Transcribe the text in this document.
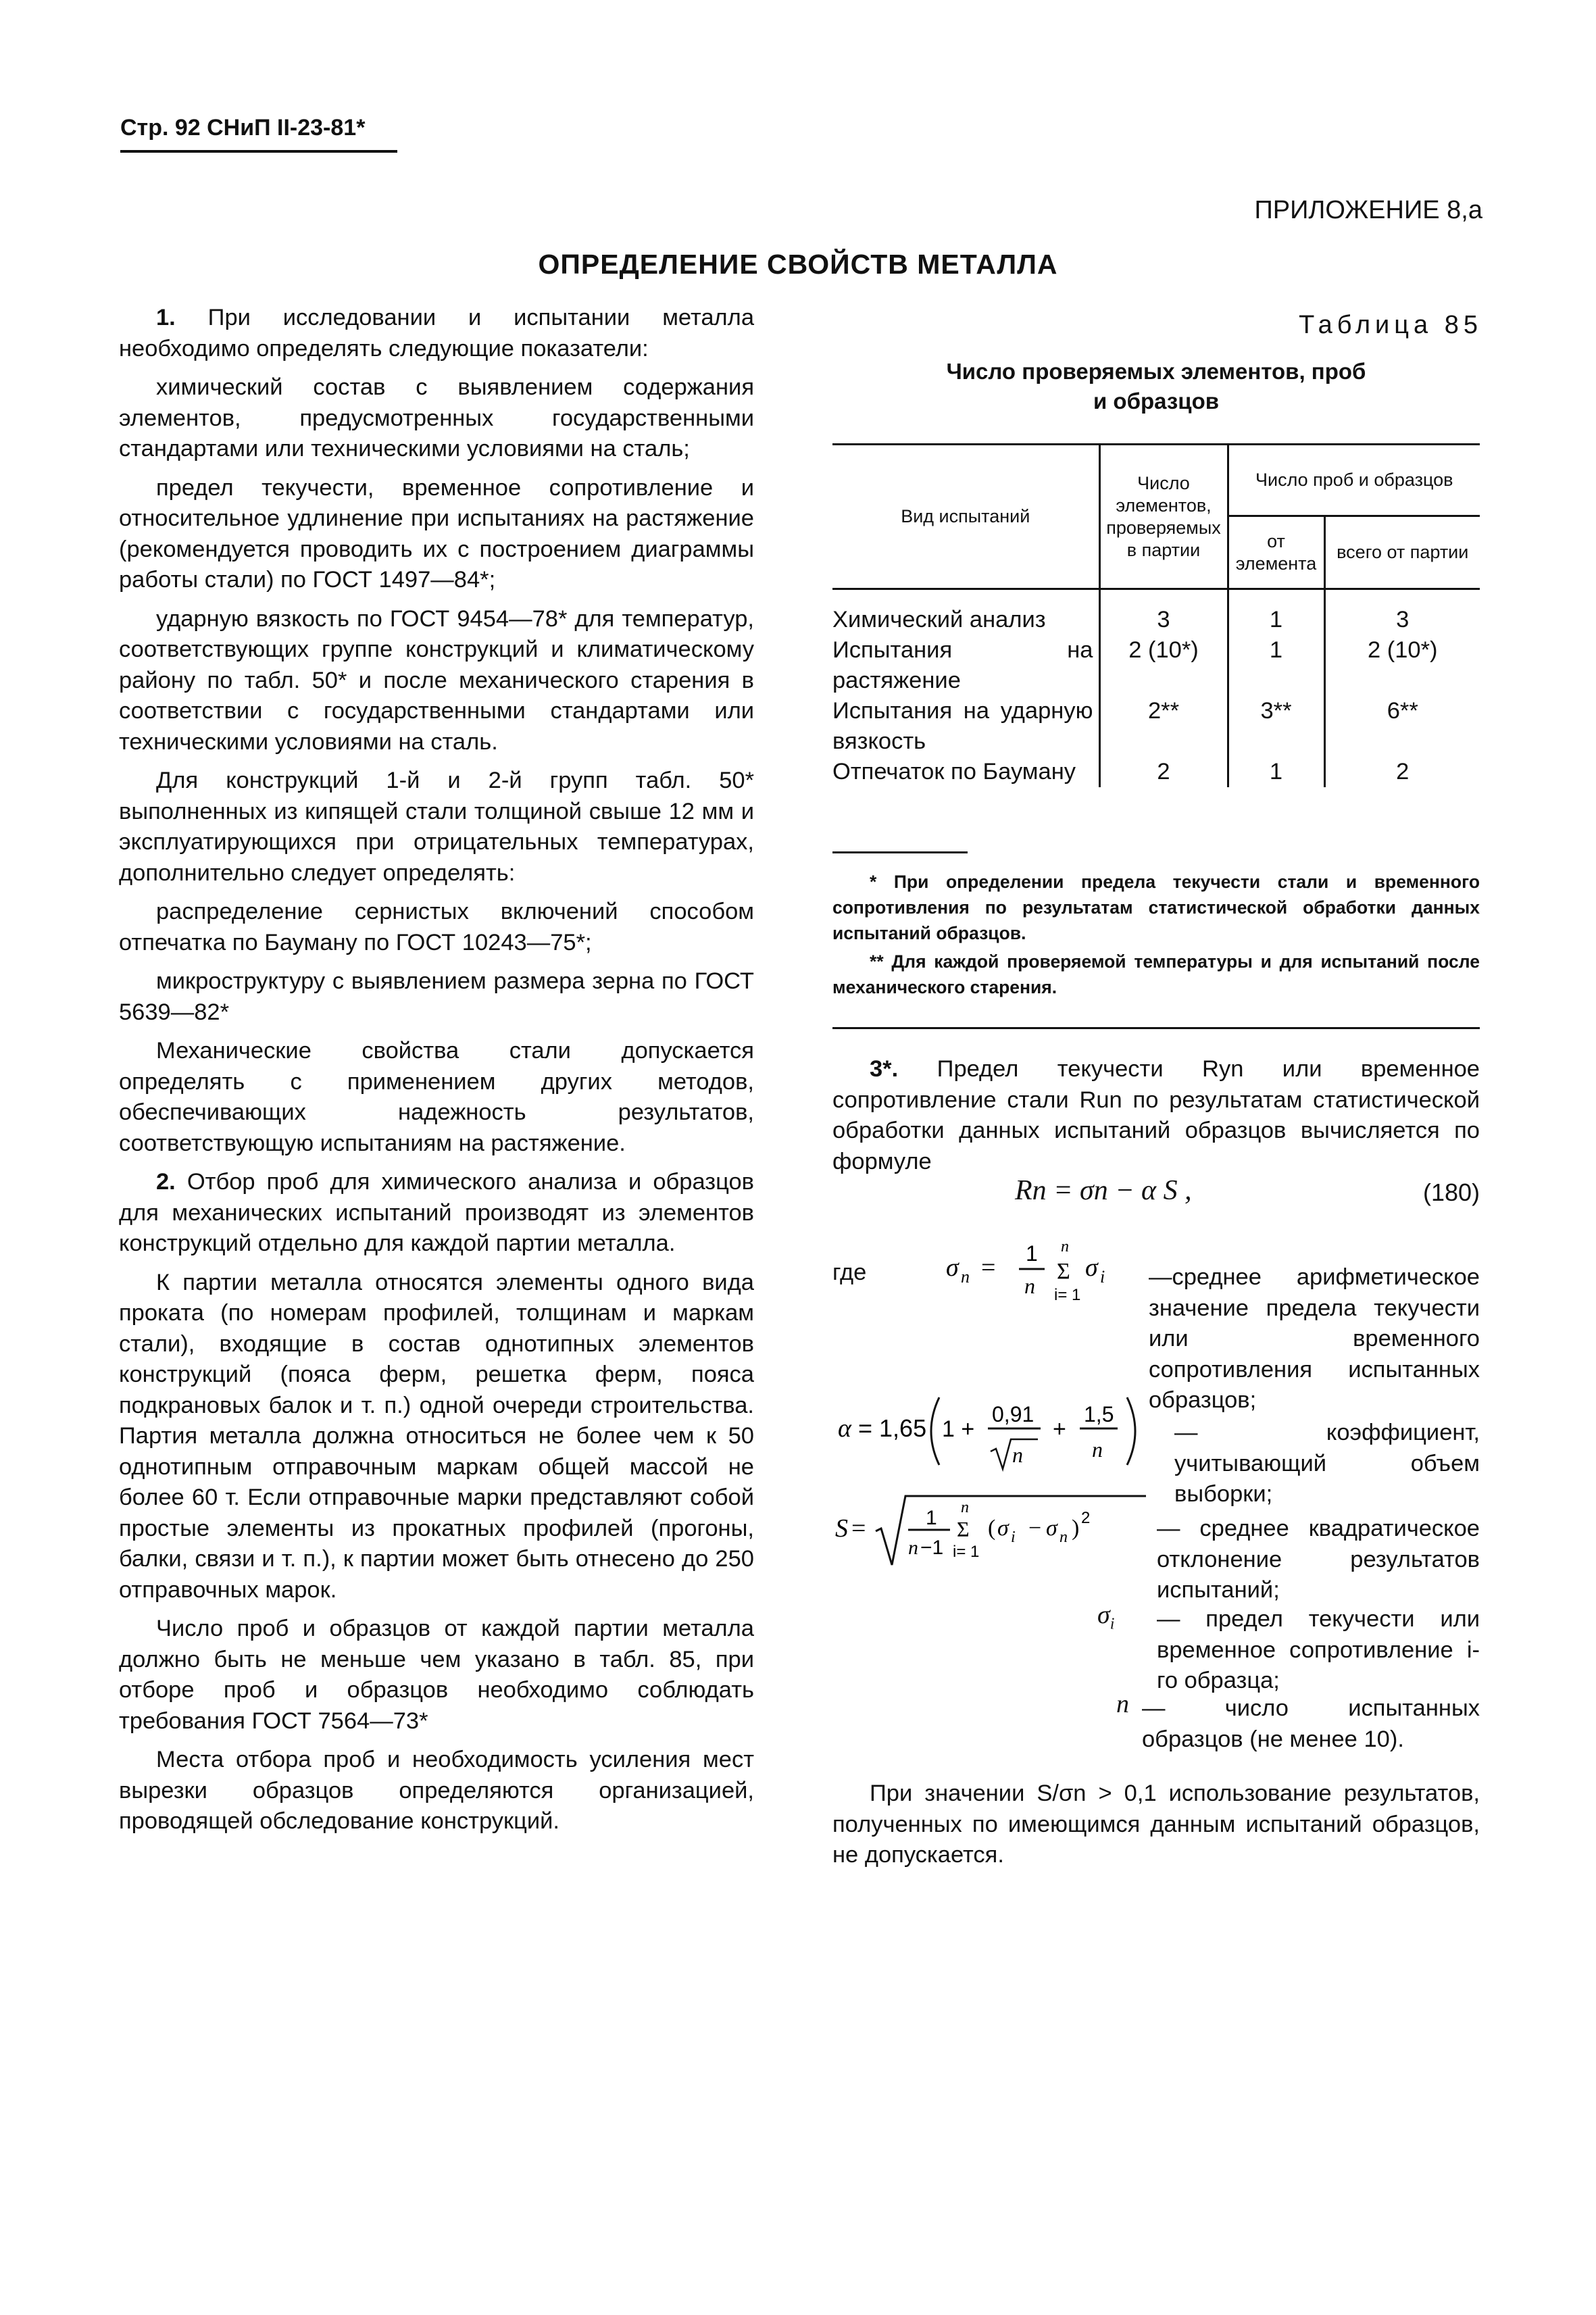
Стр. 92 СНиП II-23-81*
ПРИЛОЖЕНИЕ 8,а
ОПРЕДЕЛЕНИЕ СВОЙСТВ МЕТАЛЛА

1. При исследовании и испытании металла необходимо определять следующие показатели:

химический состав с выявлением содержания элементов, предусмотренных государственными стандартами или техническими условиями на сталь;

предел текучести, временное сопротивление и относительное удлинение при испытаниях на растяжение (рекомендуется проводить их с построением диаграммы работы стали) по ГОСТ 1497—84*;

ударную вязкость по ГОСТ 9454—78* для температур, соответствующих группе конструкций и климатическому району по табл. 50* и после механического старения в соответствии с государственными стандартами или техническими условиями на сталь.

Для конструкций 1-й и 2-й групп табл. 50* выполненных из кипящей стали толщиной свыше 12 мм и эксплуатирующихся при отрицательных температурах, дополнительно следует определять:

распределение сернистых включений способом отпечатка по Бауману по ГОСТ 10243—75*;

микроструктуру с выявлением размера зерна по ГОСТ 5639—82*

Механические свойства стали допускается определять с применением других методов, обеспечивающих надежность результатов, соответствующую испытаниям на растяжение.

2. Отбор проб для химического анализа и образцов для механических испытаний производят из элементов конструкций отдельно для каждой партии металла.

К партии металла относятся элементы одного вида проката (по номерам профилей, толщинам и маркам стали), входящие в состав однотипных элементов конструкций (пояса ферм, решетка ферм, пояса подкрановых балок и т. п.) одной очереди строительства. Партия металла должна относиться не более чем к 50 однотипным отправочным маркам общей массой не более 60 т. Если отправочные марки представляют собой простые элементы из прокатных профилей (прогоны, балки, связи и т. п.), к партии может быть отнесено до 250 отправочных марок.

Число проб и образцов от каждой партии металла должно быть не меньше чем указано в табл. 85, при отборе проб и образцов необходимо соблюдать требования ГОСТ 7564—73*

Места отбора проб и необходимость усиления мест вырезки образцов определяются организацией, проводящей обследование конструкций.

Таблица 85
Число проверяемых элементов, проб
и образцов
Вид испытаний	Число элементов, проверяемых в партии	Число проб и образцов	
		от элемента	всего от партии
Химический анализ	3	1	3
Испытания на растяжение	2 (10*)	1	2 (10*)
Испытания на ударную вязкость	2**	3**	6**
Отпечаток по Бауману	2	1	2

* При определении предела текучести стали и временного сопротивления по результатам статистической обработки данных испытаний образцов.

** Для каждой проверяемой температуры и для испытаний после механического старения.

3*. Предел текучести Ryn или временное сопротивление стали Run по результатам статистической обработки данных испытаний образцов вычисляется по формуле

Rn = σn − α S ,	(180)
где	σ n = 1
n
n
Σ
i= 1
σ i —среднее арифметическое значение предела текучести или временного сопротивления испытанных образцов;
α = 1,65 1 +
0,91
n
+
1,5
n
— коэффициент, учитывающий объем выборки;
S =	1
n −1
n
Σ
i= 1
( σ i − σ n ) 2	— среднее квадратическое отклонение результатов испытаний;
$\sigma_i$ — предел текучести или временное сопротивление i-го образца;
n — число испытанных образцов (не менее 10).
При значении S/σn > 0,1 использование результатов, полученных по имеющимся данным испытаний образцов, не допускается.
